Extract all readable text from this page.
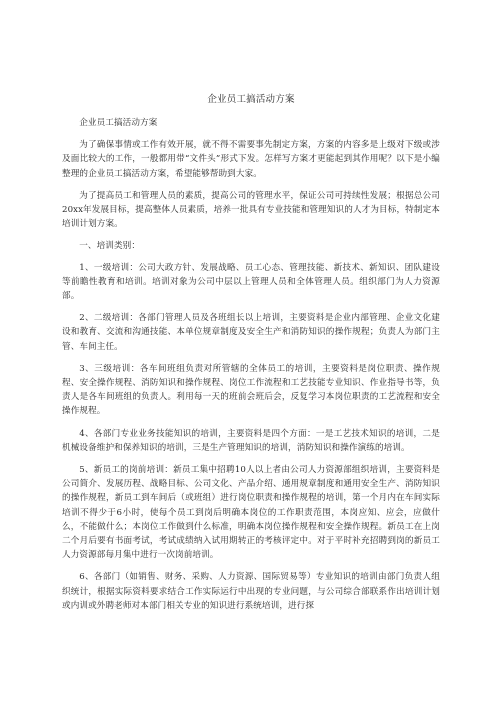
企业员工搞活动方案

企业员工搞活动方案

为了确保事情或工作有效开展，就不得不需要事先制定方案，方案的内容多是上级对下级或涉及面比较大的工作，一般都用带“文件头”形式下发。怎样写方案才更能起到其作用呢？以下是小编整理的企业员工搞活动方案，希望能够帮助到大家。

为了提高员工和管理人员的素质，提高公司的管理水平，保证公司可持续性发展；根据总公司20xx年发展目标，提高整体人员素质，培养一批具有专业技能和管理知识的人才为目标，特制定本培训计划方案。

一、培训类别：

1、一级培训：公司大政方针、发展战略、员工心态、管理技能、新技术、新知识、团队建设等前瞻性教育和培训。培训对象为公司中层以上管理人员和全体管理人员。组织部门为人力资源部。

2、二级培训：各部门管理人员及各班组长以上培训，主要资料是企业内部管理、企业文化建设和教育、交流和沟通技能、本单位规章制度及安全生产和消防知识的操作规程；负责人为部门主管、车间主任。

3、三级培训：各车间班组负责对所管辖的全体员工的培训，主要资料是岗位职责、操作规程、安全操作规程、消防知识和操作规程、岗位工作流程和工艺技能专业知识、作业指导书等，负责人是各车间班组的负责人。利用每一天的班前会班后会，反复学习本岗位职责的工艺流程和安全操作规程。

4、各部门专业业务技能知识的培训，主要资料是四个方面：一是工艺技术知识的培训，二是机械设备维护和保养知识的培训，三是生产管理知识的培训，消防知识和操作演练的培训。

5、新员工的岗前培训：新员工集中招聘10人以上者由公司人力资源部组织培训，主要资料是公司简介、发展历程、战略目标、公司文化、产品介绍、通用规章制度和通用安全生产、消防知识的操作规程，新员工到车间后（或班组）进行岗位职责和操作规程的培训，第一个月内在车间实际培训不得少于6小时，使每个员工到岗后明确本岗位的工作职责范围，本岗应知、应会，应做什么，不能做什么；本岗位工作做到什么标准，明确本岗位操作规程和安全操作规程。新员工在上岗二个月后要有书面考试，考试成绩纳入试用期转正的考核评定中。对于平时补充招聘到岗的新员工人力资源部每月集中进行一次岗前培训。

6、各部门（如销售、财务、采购、人力资源、国际贸易等）专业知识的培训由部门负责人组织统计，根据实际资料要求结合工作实际运行中出现的专业问题，与公司综合部联系作出培训计划或内训或外聘老师对本部门相关专业的知识进行系统培训，进行探
